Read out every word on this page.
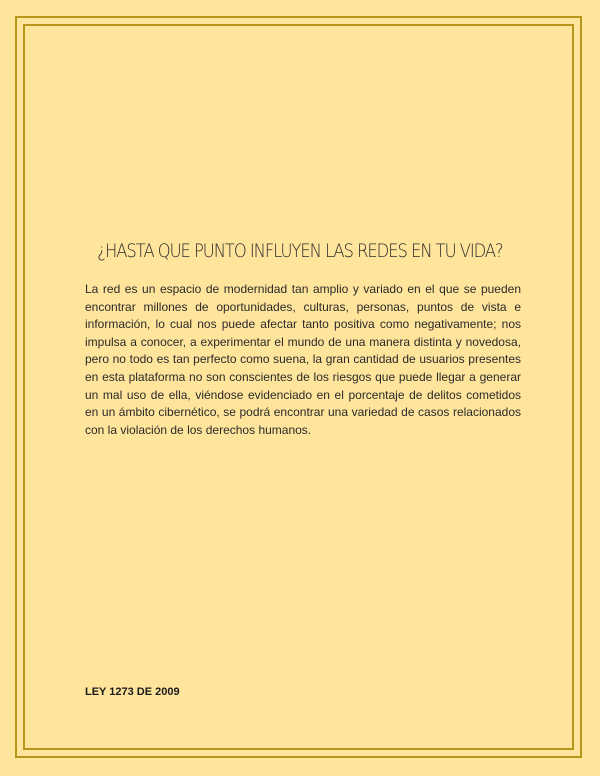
¿HASTA QUE PUNTO INFLUYEN LAS REDES EN TU VIDA?

La red es un espacio de modernidad tan amplio y variado en el que se pueden encontrar millones de oportunidades, culturas, personas, puntos de vista e información, lo cual nos puede afectar tanto positiva como negativamente; nos impulsa a conocer, a experimentar el mundo de una manera distinta y novedosa, pero no todo es tan perfecto como suena, la gran cantidad de usuarios presentes en esta plataforma no son conscientes de los riesgos que puede llegar a generar un mal uso de ella, viéndose evidenciado en el porcentaje de delitos cometidos en un ámbito cibernético, se podrá encontrar una variedad de casos relacionados con la violación de los derechos humanos.

LEY 1273 DE 2009
